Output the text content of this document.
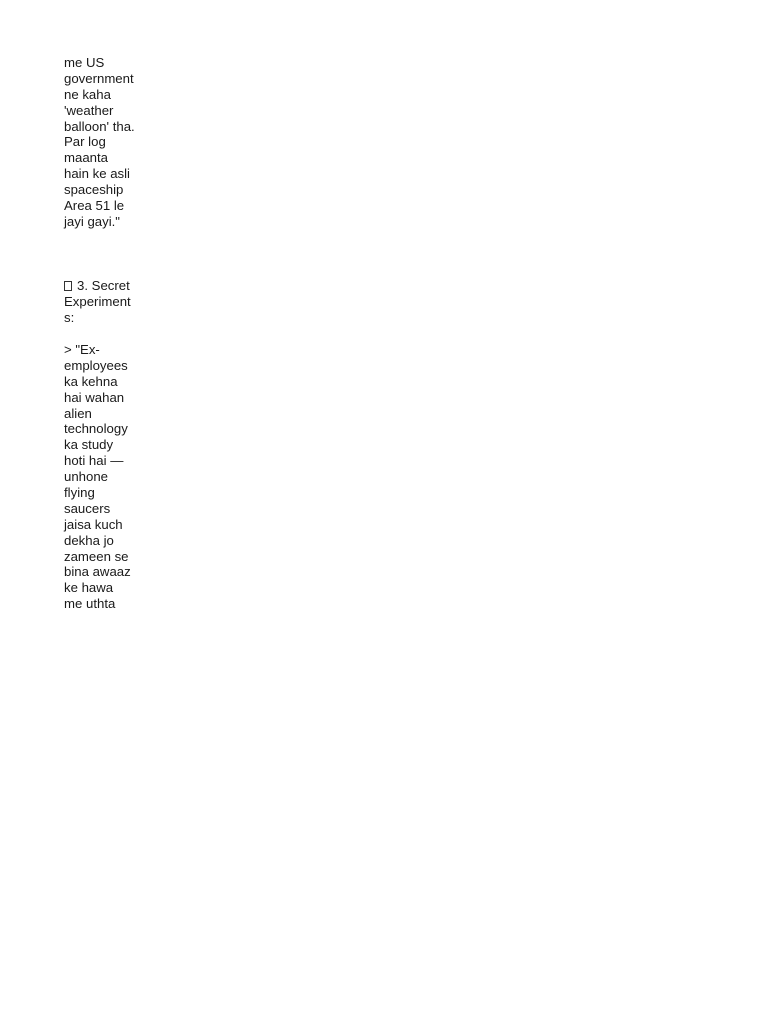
me US
government
ne kaha
'weather
balloon' tha.
Par log
maanta
hain ke asli
spaceship
Area 51 le
jayi gayi."
3. Secret
Experiment
s:
> "Ex-
employees
ka kehna
hai wahan
alien
technology
ka study
hoti hai —
unhone
flying
saucers
jaisa kuch
dekha jo
zameen se
bina awaaz
ke hawa
me uthta
